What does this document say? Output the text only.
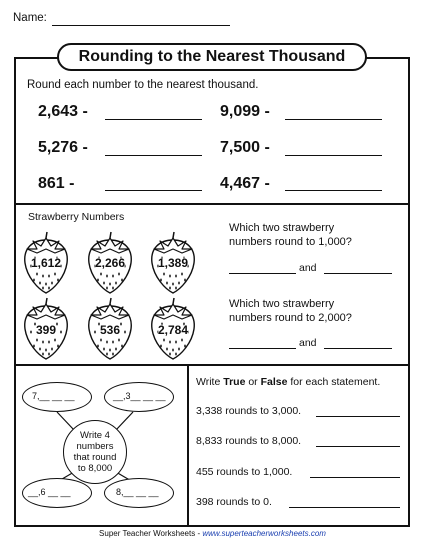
Name:
Rounding to the Nearest Thousand
Round each number to the nearest thousand.
2,643 -	9,099 -
5,276 -	7,500 -
861 -	4,467 -
Strawberry Numbers
1,612	2,266	1,389
399	536	2,784
Which two strawberry
numbers round to 1,000?
and
Which two strawberry
numbers round to 2,000?
and
7,__ __ __	__,3__ __ __
Write 4
numbers
that round
to 8,000
__,6 __ __	8,__ __ __
Write True or False for each statement.
3,338 rounds to 3,000.
8,833 rounds to 8,000.
455 rounds to 1,000.
398 rounds to 0.
Super Teacher Worksheets - www.superteacherworksheets.com
